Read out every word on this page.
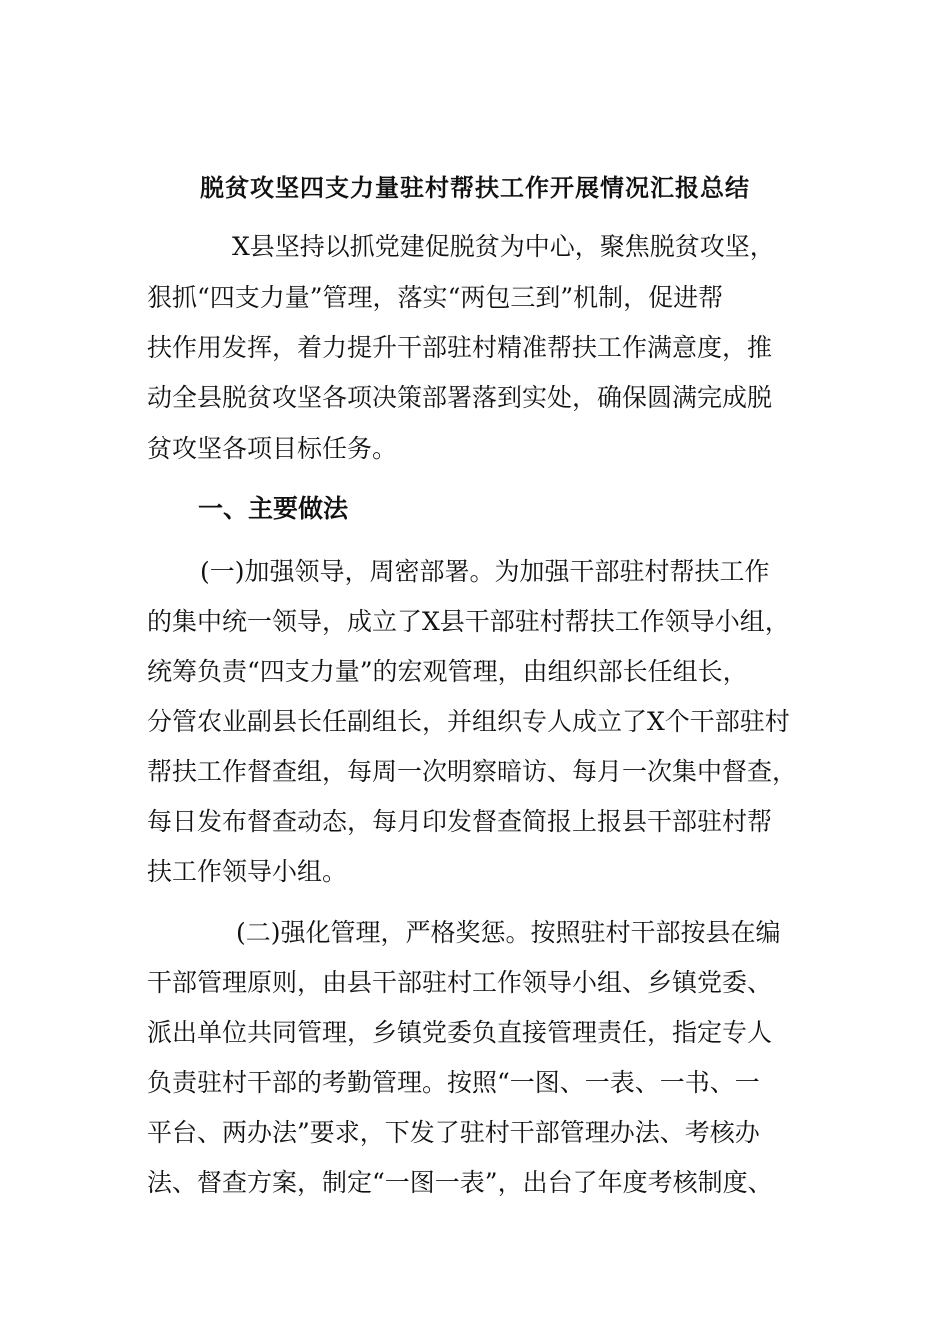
脱贫攻坚四支力量驻村帮扶工作开展情况汇报总结
X县坚持以抓党建促脱贫为中心，聚焦脱贫攻坚，
狠抓“四支力量”管理，落实“两包三到”机制，促进帮
扶作用发挥，着力提升干部驻村精准帮扶工作满意度，推
动全县脱贫攻坚各项决策部署落到实处，确保圆满完成脱
贫攻坚各项目标任务。
一、主要做法
(一)加强领导，周密部署。为加强干部驻村帮扶工作
的集中统一领导，成立了X县干部驻村帮扶工作领导小组，
统筹负责“四支力量”的宏观管理，由组织部长任组长，
分管农业副县长任副组长，并组织专人成立了X个干部驻村
帮扶工作督查组，每周一次明察暗访、每月一次集中督查，
每日发布督查动态，每月印发督查简报上报县干部驻村帮
扶工作领导小组。
(二)强化管理，严格奖惩。按照驻村干部按县在编
干部管理原则，由县干部驻村工作领导小组、乡镇党委、
派出单位共同管理，乡镇党委负直接管理责任，指定专人
负责驻村干部的考勤管理。按照“一图、一表、一书、一
平台、两办法”要求，下发了驻村干部管理办法、考核办
法、督查方案，制定“一图一表”，出台了年度考核制度、
